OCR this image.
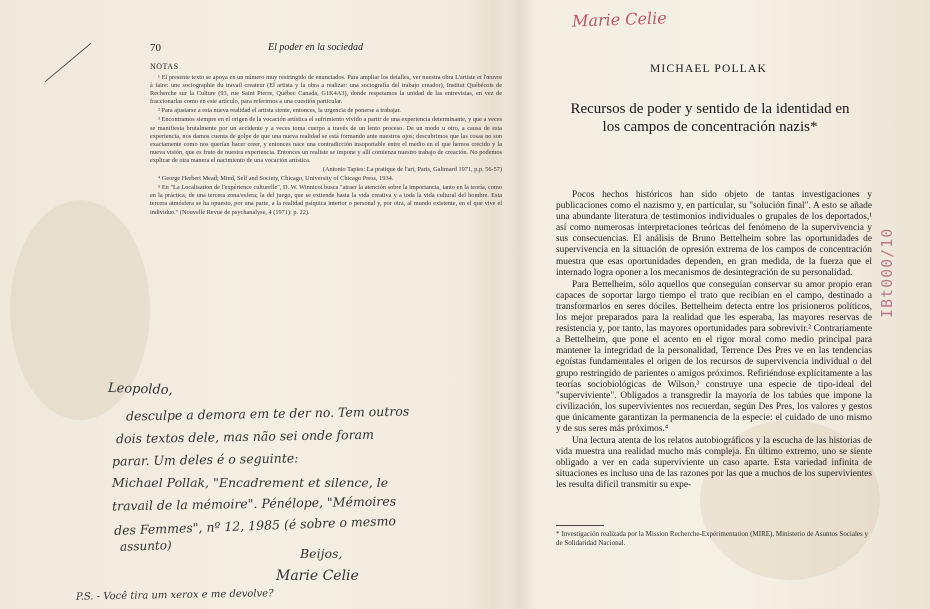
70	El poder en la sociedad
NOTAS

¹ El presente texto se apoya en un número muy restringido de enunciados. Para ampliar los detalles, ver nuestra obra L'artiste et l'œuvre à faire: une sociographie du travail createur (El artista y la obra a realizar: una sociografía del trabajo creador), Institut Québécois de Recherche sur la Culture (93, rue Saint Pierre, Québec Canada, G1K4A3), donde respetamos la unidad de las entrevistas, en vez de fraccionarlas como en este artículo, para referirnos a una cuestión particular.

² Para ajustarse a esta nueva realidad el artista siente, entonces, la urgencia de ponerse a trabajar.

³ Encontramos siempre en el origen de la vocación artística el sufrimiento vivido a partir de una experiencia determinante, y que a veces se manifiesta brutalmente por un accidente y a veces toma cuerpo a través de un lento proceso. De un modo u otro, a causa de esta experiencia, nos damos cuenta de golpe de que una nueva realidad se está formando ante nuestros ojos; descubrimos que las cosas no son exactamente como nos querían hacer creer, y entonces nace una contradicción insoportable entre el medio en el que hemos crecido y la nueva visión, que es fruto de nuestra experiencia. Entonces un realiste se impone y allí comienza nuestro trabajo de creación. No podemos explicar de otra manera el nacimiento de una vocación artística.

(Antonio Tapies: La pratique de l'art, Paris, Galimard 1971, p.p. 56-57)

⁴ George Herbert Mead; Mind, Self and Society, Chicago, University of Chicago Press, 1934.

⁵ En "La Localisation de l'expérience culturelle", D. W. Winnicot busca "atraer la atención sobre la importancia, tanto en la teoría, como en la práctica, de una tercera zona/esfera; la del juego, que se extiende hasta la vida creativa y a toda la vida cultural del hombre. Esta tercera atmósfera se ha opuesto, por una parte, a la realidad psíquica interior o personal y, por otra, al mundo existente, en el que vive el individuo." (Nouvelle Revue de psychanalyse, 4 (1971): p. 22).

Leopoldo,
desculpe a demora em te der no. Tem outros
dois textos dele, mas não sei onde foram
parar. Um deles é o seguinte:
Michael Pollak, "Encadrement et silence, le
travail de la mémoire". Pénélope, "Mémoires
des Femmes", nº 12, 1985 (é sobre o mesmo
assunto)	Beijos,
Marie Celie
P.S. - Você tira um xerox e me devolve?
Marie Celie
MICHAEL POLLAK
Recursos de poder y sentido de la identidad en los campos de concentración nazis*

Pocos hechos históricos han sido objeto de tantas investigaciones y publicaciones como el nazismo y, en particular, su "solución final". A esto se añade una abundante literatura de testimonios individuales o grupales de los deportados,¹ así como numerosas interpretaciones teóricas del fenómeno de la supervivencia y sus consecuencias. El análisis de Bruno Bettelheim sobre las oportunidades de supervivencia en la situación de opresión extrema de los campos de concentración muestra que esas oportunidades dependen, en gran medida, de la fuerza que el internado logra oponer a los mecanismos de desintegración de su personalidad.

Para Bettelheim, sólo aquellos que conseguían conservar su amor propio eran capaces de soportar largo tiempo el trato que recibían en el campo, destinado a transformarlos en seres dóciles. Bettelheim detecta entre los prisioneros políticos, los mejor preparados para la realidad que les esperaba, las mayores reservas de resistencia y, por tanto, las mayores oportunidades para sobrevivir.² Contrariamente a Bettelheim, que pone el acento en el rigor moral como medio principal para mantener la integridad de la personalidad, Terrence Des Pres ve en las tendencias egoístas fundamentales el origen de los recursos de supervivencia individual o del grupo restringido de parientes o amigos próximos. Refiriéndose explícitamente a las teorías sociobiológicas de Wilson,³ construye una especie de tipo-ideal del "superviviente". Obligados a transgredir la mayoría de los tabúes que impone la civilización, los supervivientes nos recuerdan, según Des Pres, los valores y gestos que únicamente garantizan la permanencia de la especie: el cuidado de uno mismo y de sus seres más próximos.⁴

Una lectura atenta de los relatos autobiográficos y la escucha de las historias de vida muestra una realidad mucho más compleja. En último extremo, uno se siente obligado a ver en cada superviviente un caso aparte. Esta variedad infinita de situaciones es incluso una de las razones por las que a muchos de los supervivientes les resulta difícil transmitir su expe-

* Investigación realizada por la Mission Recherche-Expérimentation (MIRE), Ministerio de Asuntos Sociales y de Solidaridad Nacional.
IBt000/10
